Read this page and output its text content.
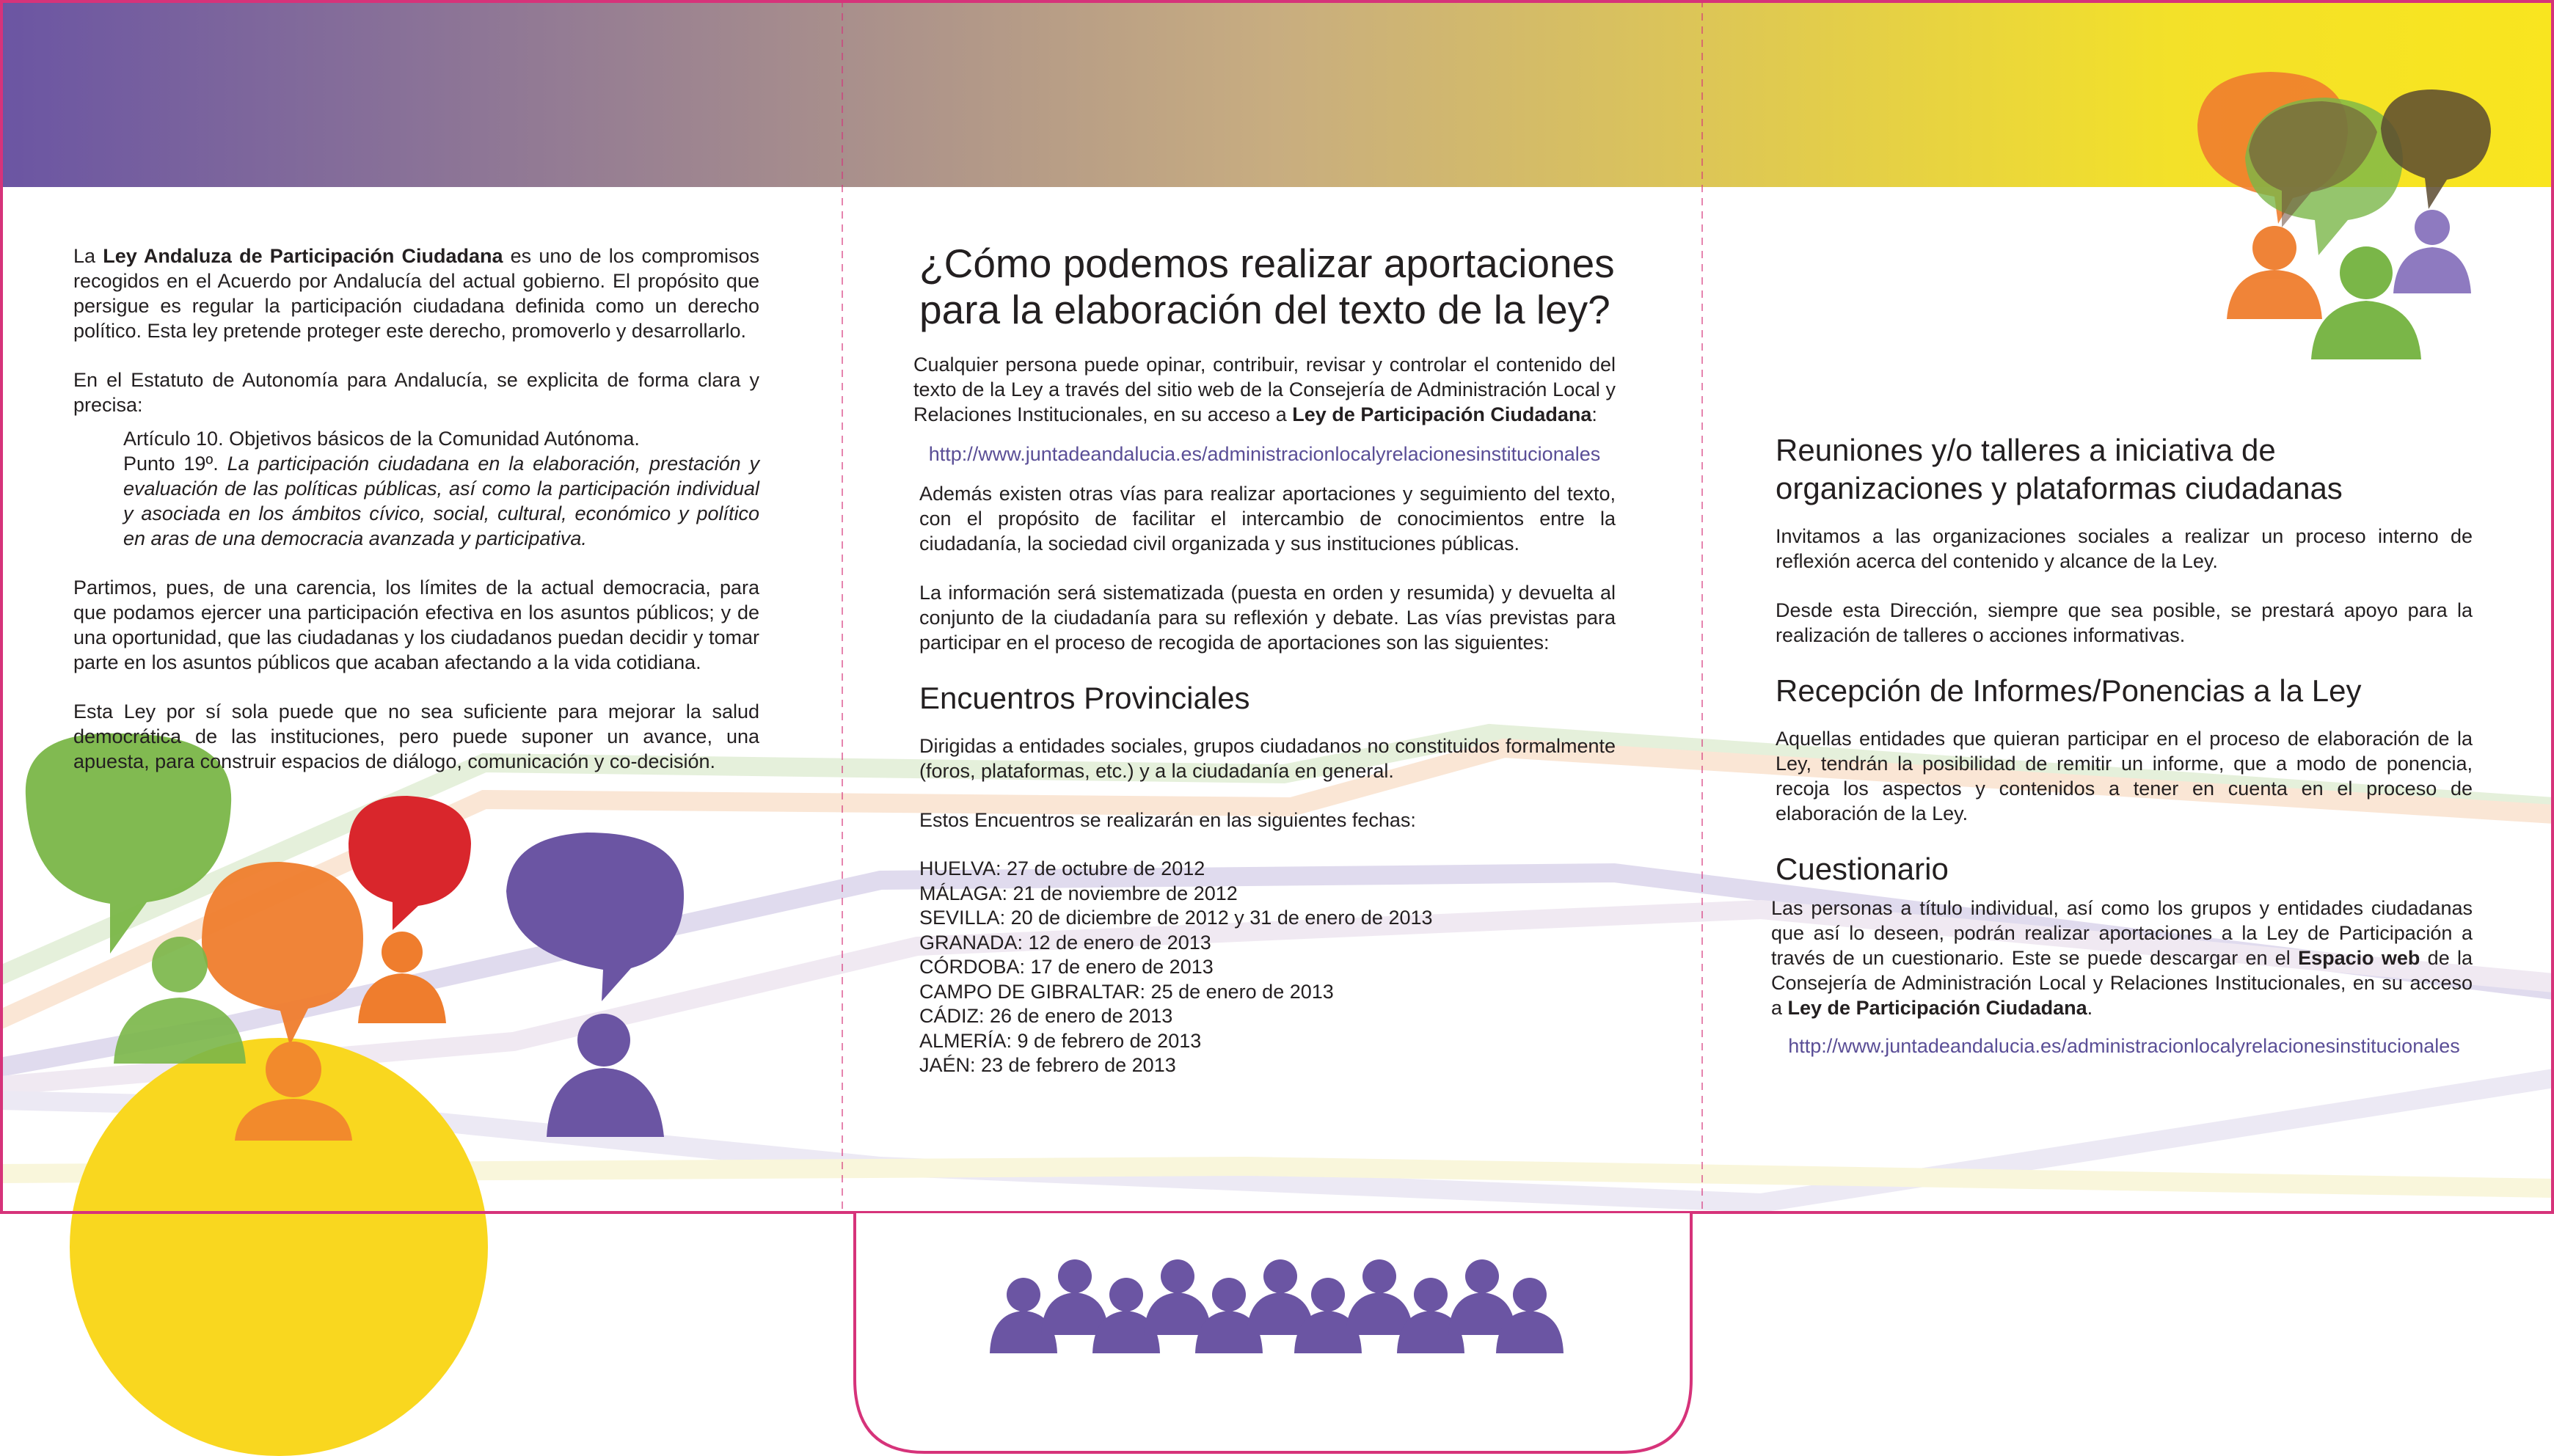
La Ley Andaluza de Participación Ciudadana es uno de los compromisos recogidos en el Acuerdo por Andalucía del actual gobierno. El propósito que persigue es regular la participación ciudadana definida como un derecho político. Esta ley pretende proteger este derecho, promoverlo y desarrollarlo.

En el Estatuto de Autonomía para Andalucía, se explicita de forma clara y precisa:

Artículo 10. Objetivos básicos de la Comunidad Autónoma.
Punto 19º. La participación ciudadana en la elaboración, prestación y evaluación de las políticas públicas, así como la participación individual y asociada en los ámbitos cívico, social, cultural, económico y político en aras de una democracia avanzada y participativa.

Partimos, pues, de una carencia, los límites de la actual democracia, para que podamos ejercer una participación efectiva en los asuntos públicos; y de una oportunidad, que las ciudadanas y los ciudadanos puedan decidir y tomar parte en los asuntos públicos que acaban afectando a la vida cotidiana.

Esta Ley por sí sola puede que no sea suficiente para mejorar la salud democrática de las instituciones, pero puede suponer un avance, una apuesta, para construir espacios de diálogo, comunicación y co-decisión.

¿Cómo podemos realizar aportaciones para la elaboración del texto de la ley?

Cualquier persona puede opinar, contribuir, revisar y controlar el contenido del texto de la Ley a través del sitio web de la Consejería de Administración Local y Relaciones Institucionales, en su acceso a Ley de Participación Ciudadana:

http://www.juntadeandalucia.es/administracionlocalyrelacionesinstitucionales

Además existen otras vías para realizar aportaciones y seguimiento del texto, con el propósito de facilitar el intercambio de conocimientos entre la ciudadanía, la sociedad civil organizada y sus instituciones públicas.

La información será sistematizada (puesta en orden y resumida) y devuelta al conjunto de la ciudadanía para su reflexión y debate. Las vías previstas para participar en el proceso de recogida de aportaciones son las siguientes:

Encuentros Provinciales

Dirigidas a entidades sociales, grupos ciudadanos no constituidos formalmente (foros, plataformas, etc.) y a la ciudadanía en general.

Estos Encuentros se realizarán en las siguientes fechas:

HUELVA: 27 de octubre de 2012
MÁLAGA: 21 de noviembre de 2012
SEVILLA: 20 de diciembre de 2012 y 31 de enero de 2013
GRANADA: 12 de enero de 2013
CÓRDOBA: 17 de enero de 2013
CAMPO DE GIBRALTAR: 25 de enero de 2013
CÁDIZ: 26 de enero de 2013
ALMERÍA: 9 de febrero de 2013
JAÉN: 23 de febrero de 2013
Reuniones y/o talleres a iniciativa de organizaciones y plataformas ciudadanas

Invitamos a las organizaciones sociales a realizar un proceso interno de reflexión acerca del contenido y alcance de la Ley.

Desde esta Dirección, siempre que sea posible, se prestará apoyo para la realización de talleres o acciones informativas.

Recepción de Informes/Ponencias a la Ley

Aquellas entidades que quieran participar en el proceso de elaboración de la Ley, tendrán la posibilidad de remitir un informe, que a modo de ponencia, recoja los aspectos y contenidos a tener en cuenta en el proceso de elaboración de la Ley.

Cuestionario

Las personas a título individual, así como los grupos y entidades ciudadanas que así lo deseen, podrán realizar aportaciones a la Ley de Participación a través de un cuestionario. Este se puede descargar en el Espacio web de la Consejería de Administración Local y Relaciones Institucionales, en su acceso a Ley de Participación Ciudadana.

http://www.juntadeandalucia.es/administracionlocalyrelacionesinstitucionales
